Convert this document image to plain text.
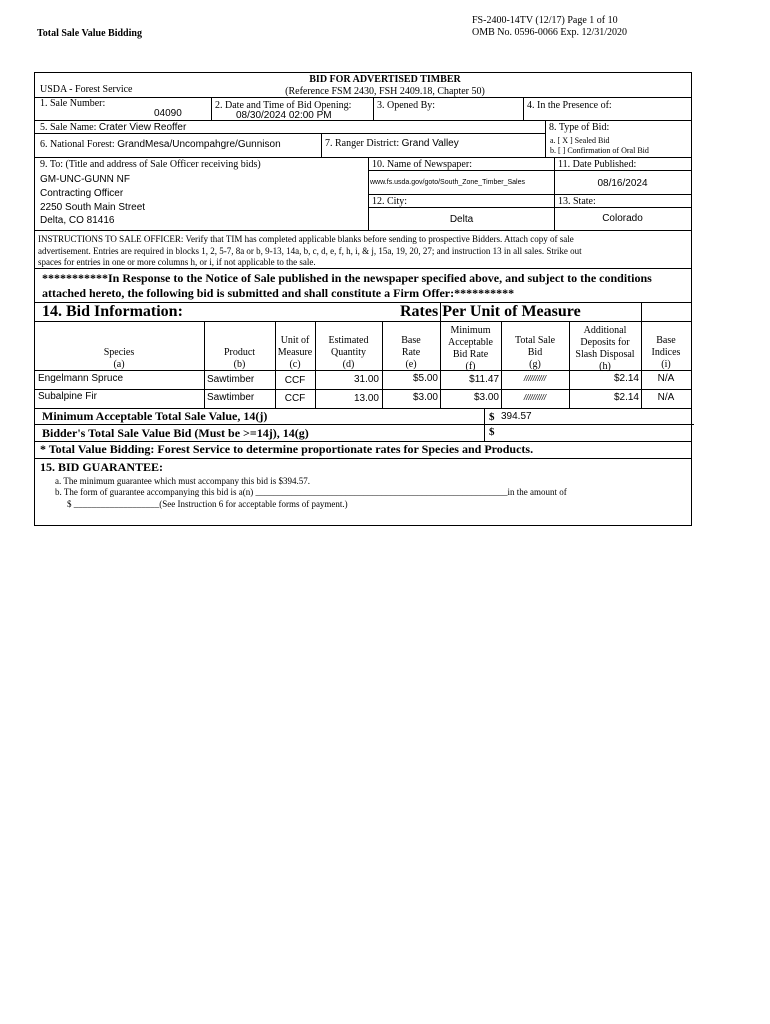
Total Sale Value Bidding
FS-2400-14TV (12/17) Page 1 of 10
OMB No. 0596-0066 Exp. 12/31/2020
BID FOR ADVERTISED TIMBER
(Reference FSM 2430, FSH 2409.18, Chapter 50)
USDA - Forest Service
1. Sale Number:
04090
2. Date and Time of Bid Opening:
08/30/2024 02:00 PM
3. Opened By:	4. In the Presence of:
5. Sale Name: Crater View Reoffer	8. Type of Bid:
a. [ X ] Sealed Bid
b. [ ] Confirmation of Oral Bid
6. National Forest: GrandMesa/Uncompahgre/Gunnison	7. Ranger District: Grand Valley
9. To: (Title and address of Sale Officer receiving bids)
GM-UNC-GUNN NF
Contracting Officer
2250 South Main Street
Delta, CO 81416
10. Name of Newspaper:
www.fs.usda.gov/goto/South_Zone_Timber_Sales
11. Date Published:
08/16/2024
12. City:	13. State:
Delta	Colorado
INSTRUCTIONS TO SALE OFFICER: Verify that TIM has completed applicable blanks before sending to prospective Bidders. Attach copy of sale
advertisement. Entries are required in blocks 1, 2, 5-7, 8a or b, 9-13, 14a, b, c, d, e, f, h, i, & j, 15a, 19, 20, 27; and instruction 13 in all sales. Strike out
spaces for entries in one or more columns h, or i, if not applicable to the sale.
***********In Response to the Notice of Sale published in the newspaper specified above, and subject to the conditions
attached hereto, the following bid is submitted and shall constitute a Firm Offer:**********
14. Bid Information:	Rates Per Unit of Measure
Species
(a)
Product
(b)
Unit of
Measure
(c)
Estimated
Quantity
(d)
Base
Rate
(e)
Minimum
Acceptable
Bid Rate
(f)
Total Sale
Bid
(g)
Additional
Deposits for
Slash Disposal
(h)
Base
Indices
(i)
Engelmann Spruce	Sawtimber	CCF	31.00	$5.00	$11.47	//////////	$2.14	N/A
Subalpine Fir	Sawtimber	CCF	13.00	$3.00	$3.00	//////////	$2.14	N/A
Minimum Acceptable Total Sale Value, 14(j)	$ 394.57
Bidder's Total Sale Value Bid (Must be >=14j), 14(g)	$
* Total Value Bidding: Forest Service to determine proportionate rates for Species and Products.
15. BID GUARANTEE:
a. The minimum guarantee which must accompany this bid is $394.57.
b. The form of guarantee accompanying this bid is a(n) ________________________________________________________in the amount of
$ ___________________(See Instruction 6 for acceptable forms of payment.)
